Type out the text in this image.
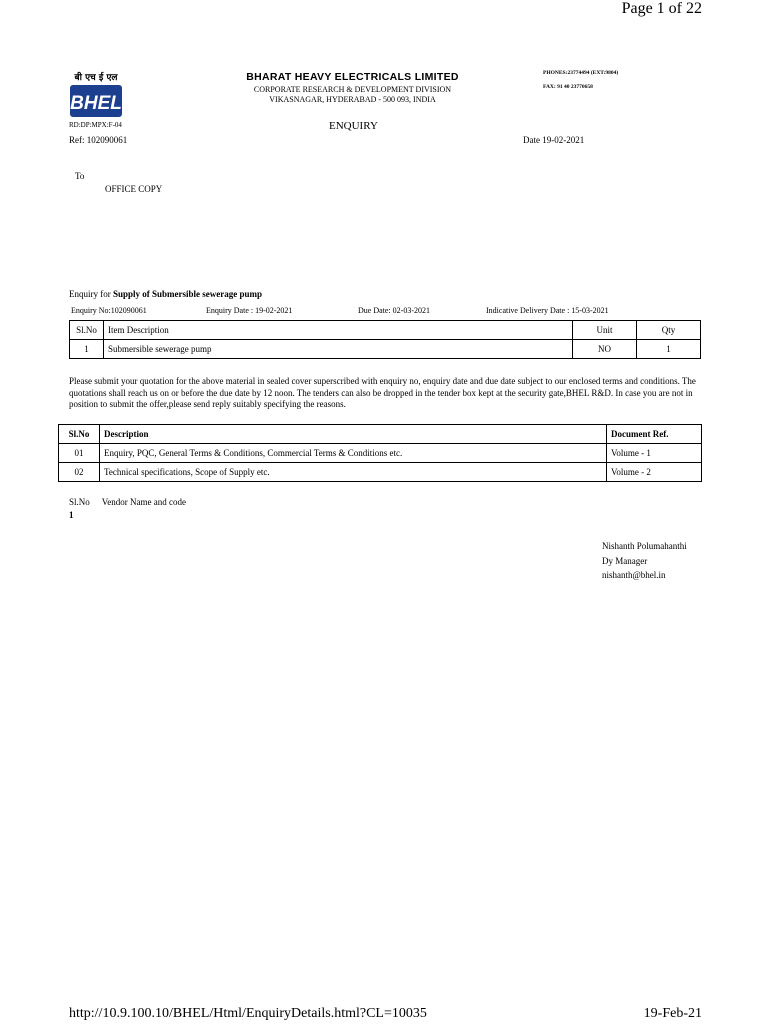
Page 1 of 22
बी एच ई एल
BHEL
BHARAT HEAVY ELECTRICALS LIMITED
CORPORATE RESEARCH & DEVELOPMENT DIVISION
VIKASNAGAR, HYDERABAD - 500 093, INDIA
PHONES:23774494 (EXT:9804)
FAX: 91 40 23770658
RD:DP:MPX:F-04	ENQUIRY
Ref: 102090061	Date 19-02-2021
To
OFFICE COPY
Enquiry for Supply of Submersible sewerage pump
Enquiry No:102090061	Enquiry Date : 19-02-2021	Due Date: 02-03-2021	Indicative Delivery Date : 15-03-2021
Sl.No	Item Description	Unit	Qty
1	Submersible sewerage pump	NO	1
Please submit your quotation for the above material in sealed cover superscribed with enquiry no, enquiry date and due date subject to our enclosed terms and conditions. The quotations shall reach us on or before the due date by 12 noon. The tenders can also be dropped in the tender box kept at the security gate,BHEL R&D. In case you are not in position to submit the offer,please send reply suitably specifying the reasons.
Sl.No	Description	Document Ref.
01	Enquiry, PQC, General Terms & Conditions, Commercial Terms & Conditions etc.	Volume - 1
02	Technical specifications, Scope of Supply etc.	Volume - 2
Sl.No Vendor Name and code
1
Nishanth Polumahanthi
Dy Manager
nishanth@bhel.in
http://10.9.100.10/BHEL/Html/EnquiryDetails.html?CL=10035	19-Feb-21
